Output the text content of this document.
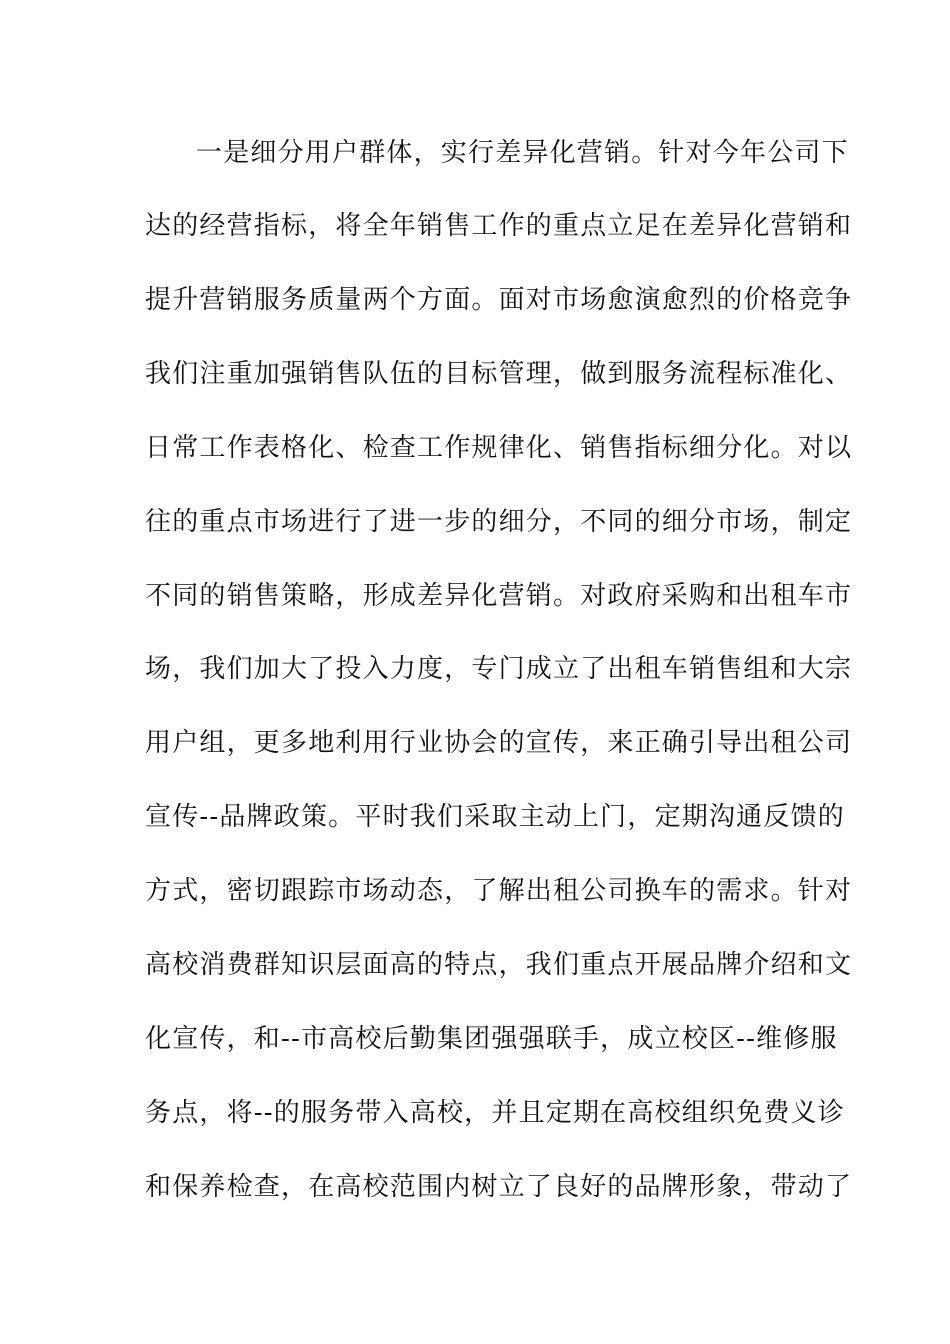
一是细分用户群体，实行差异化营销。针对今年公司下
达的经营指标，将全年销售工作的重点立足在差异化营销和
提升营销服务质量两个方面。面对市场愈演愈烈的价格竞争
我们注重加强销售队伍的目标管理，做到服务流程标准化、
日常工作表格化、检查工作规律化、销售指标细分化。对以
往的重点市场进行了进一步的细分，不同的细分市场，制定
不同的销售策略，形成差异化营销。对政府采购和出租车市
场，我们加大了投入力度，专门成立了出租车销售组和大宗
用户组，更多地利用行业协会的宣传，来正确引导出租公司
宣传--品牌政策。平时我们采取主动上门，定期沟通反馈的
方式，密切跟踪市场动态，了解出租公司换车的需求。针对
高校消费群知识层面高的特点，我们重点开展品牌介绍和文
化宣传，和--市高校后勤集团强强联手，成立校区--维修服
务点，将--的服务带入高校，并且定期在高校组织免费义诊
和保养检查，在高校范围内树立了良好的品牌形象，带动了
